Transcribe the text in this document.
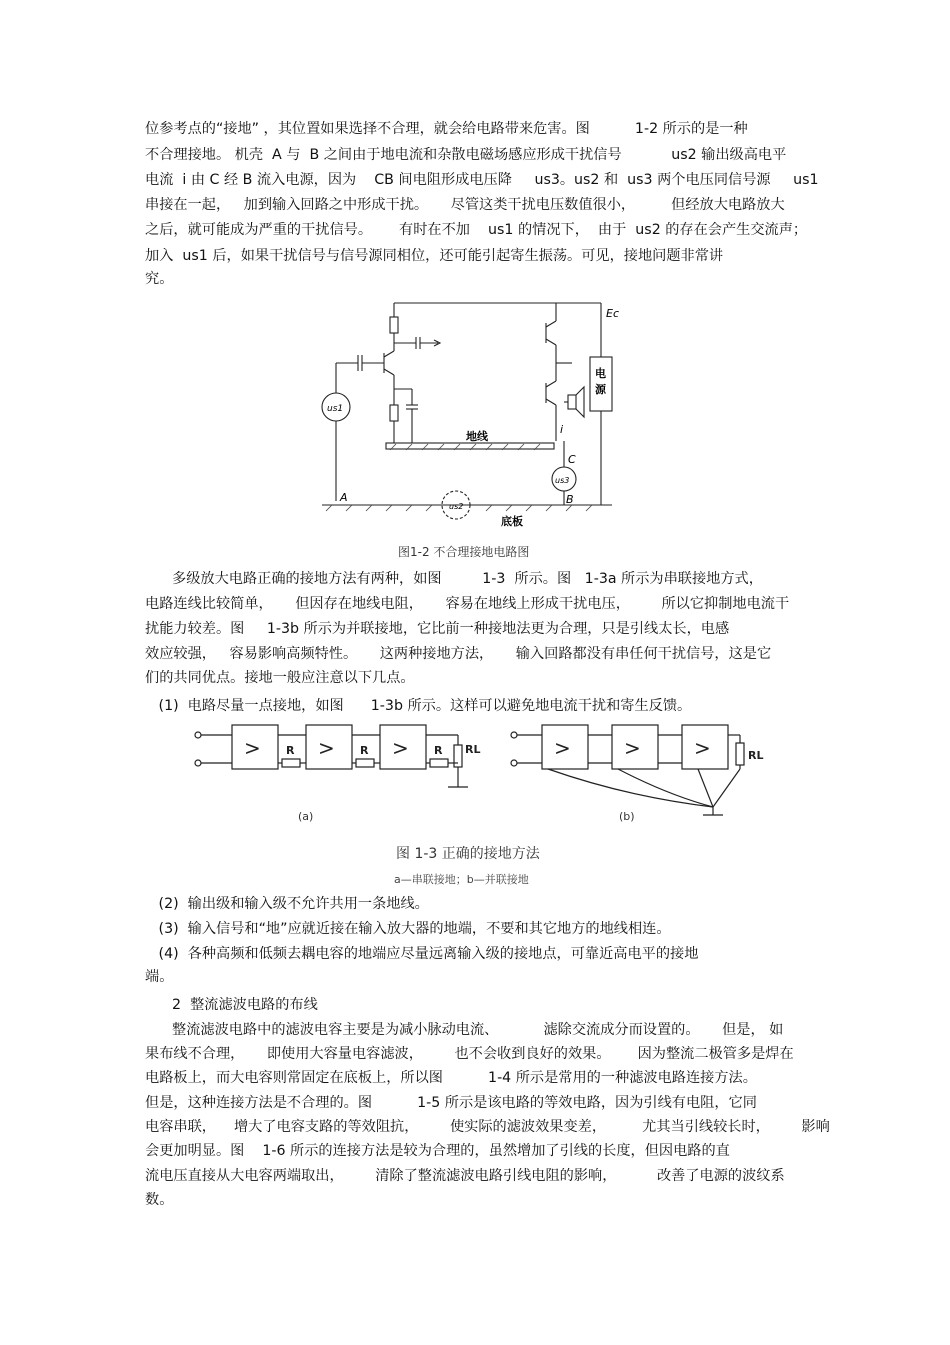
位参考点的“接地” ，其位置如果选择不合理，就会给电路带来危害。图          1-2 所示的是一种
不合理接地。 机壳  A 与  B 之间由于地电流和杂散电磁场感应形成干扰信号           us2 输出级高电平
电流  i 由 C 经 B 流入电源，因为    CB 间电阻形成电压降     us3。us2 和  us3 两个电压同信号源     us1
串接在一起，   加到输入回路之中形成干扰。     尽管这类干扰电压数值很小，        但经放大电路放大
之后，就可能成为严重的干扰信号。      有时在不加    us1 的情况下，  由于  us2 的存在会产生交流声；
加入  us1 后，如果干扰信号与信号源同相位，还可能引起寄生振荡。可见，接地问题非常讲
究。
Ec
电
源
us1
us2
us3
地线
底板
A	B
C
i
图1-2 不合理接地电路图
多级放大电路正确的接地方法有两种，如图         1-3  所示。图   1-3a 所示为串联接地方式，
电路连线比较简单，     但因存在地线电阻，     容易在地线上形成干扰电压，       所以它抑制地电流干
扰能力较差。图     1-3b 所示为并联接地，它比前一种接地法更为合理，只是引线太长，电感
效应较强，   容易影响高频特性。     这两种接地方法，     输入回路都没有串任何干扰信号，这是它
们的共同优点。接地一般应注意以下几点。
(1)  电路尽量一点接地，如图      1-3b 所示。这样可以避免地电流干扰和寄生反馈。
>	>	>	>	>	>
R	R	R RL	RL
(a)	(b)
图 1-3 正确的接地方法
a—串联接地；b—并联接地
(2)  输出级和输入级不允许共用一条地线。
(3)  输入信号和“地”应就近接在输入放大器的地端，不要和其它地方的地线相连。
(4)  各种高频和低频去耦电容的地端应尽量远离输入级的接地点，可靠近高电平的接地
端。
2  整流滤波电路的布线
整流滤波电路中的滤波电容主要是为减小脉动电流、          滤除交流成分而设置的。     但是， 如
果布线不合理，     即使用大容量电容滤波，       也不会收到良好的效果。      因为整流二极管多是焊在
电路板上，而大电容则常固定在底板上，所以图          1-4 所示是常用的一种滤波电路连接方法。
但是，这种连接方法是不合理的。图          1-5 所示是该电路的等效电路，因为引线有电阻，它同
电容串联，    增大了电容支路的等效阻抗，       使实际的滤波效果变差，        尤其当引线较长时，       影响
会更加明显。图    1-6 所示的连接方法是较为合理的，虽然增加了引线的长度，但因电路的直
流电压直接从大电容两端取出，       清除了整流滤波电路引线电阻的影响，         改善了电源的波纹系
数。
